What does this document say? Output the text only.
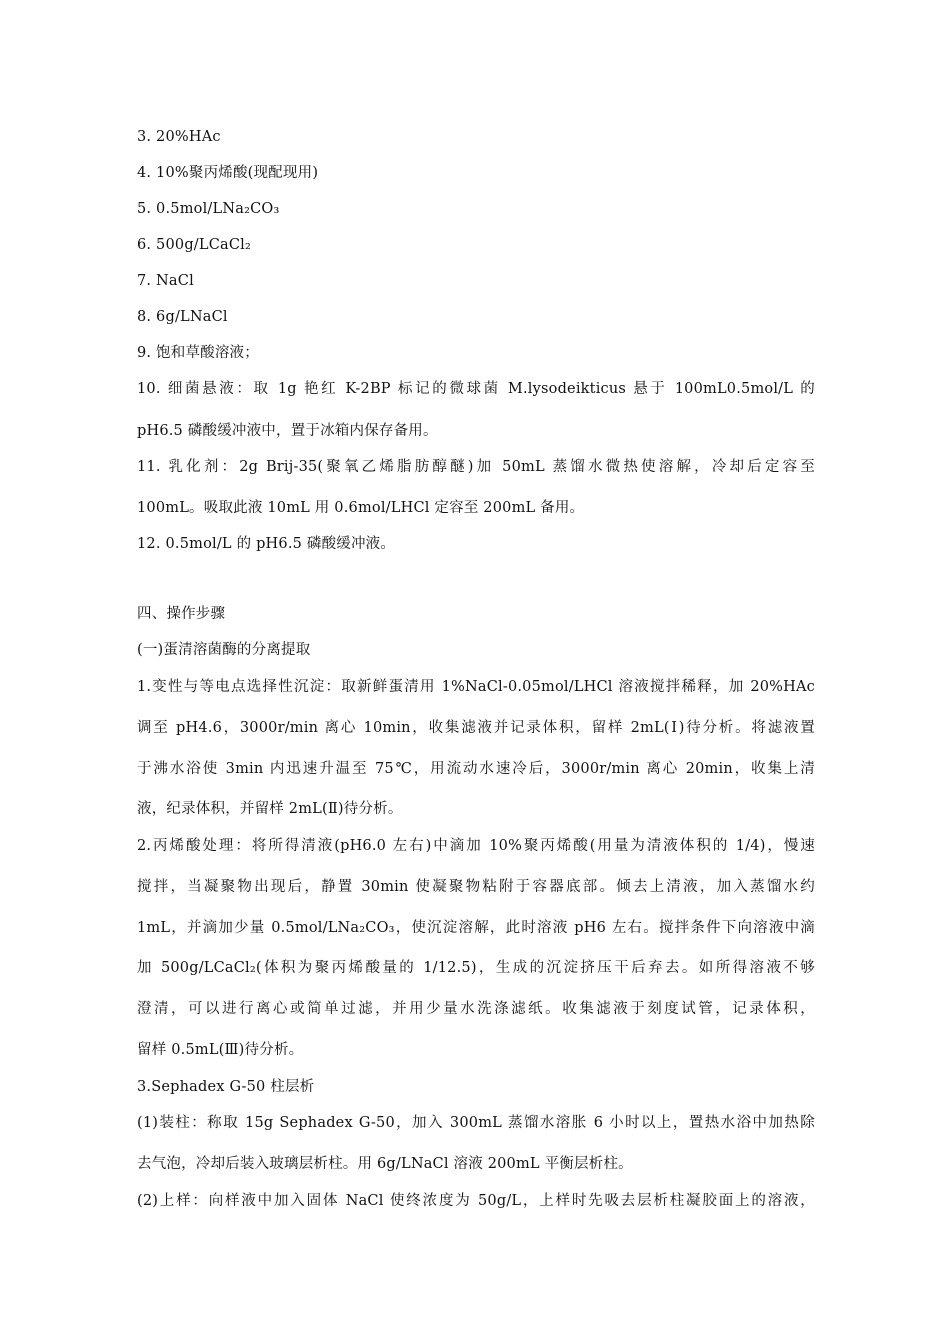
3. 20%HAc
4. 10%聚丙烯酸(现配现用)
5. 0.5mol/LNa₂CO₃
6. 500g/LCaCl₂
7. NaCl
8. 6g/LNaCl
9. 饱和草酸溶液；
10. 细菌悬液：取 1g 艳红 K-2BP 标记的微球菌 M.lysodeikticus 悬于 100mL0.5mol/L 的
pH6.5 磷酸缓冲液中，置于冰箱内保存备用。
11. 乳化剂：2g Brij-35(聚氧乙烯脂肪醇醚)加 50mL 蒸馏水微热使溶解，冷却后定容至
100mL。吸取此液 10mL 用 0.6mol/LHCl 定容至 200mL 备用。
12. 0.5mol/L 的 pH6.5 磷酸缓冲液。
四、操作步骤
(一)蛋清溶菌酶的分离提取
1.变性与等电点选择性沉淀：取新鲜蛋清用 1%NaCl-0.05mol/LHCl 溶液搅拌稀释，加 20%HAc
调至 pH4.6，3000r/min 离心 10min，收集滤液并记录体积，留样 2mL(Ⅰ)待分析。将滤液置
于沸水浴使 3min 内迅速升温至 75℃，用流动水速冷后，3000r/min 离心 20min，收集上清
液，纪录体积，并留样 2mL(Ⅱ)待分析。
2.丙烯酸处理：将所得清液(pH6.0 左右)中滴加 10%聚丙烯酸(用量为清液体积的 1/4)，慢速
搅拌，当凝聚物出现后，静置 30min 使凝聚物粘附于容器底部。倾去上清液，加入蒸馏水约
1mL，并滴加少量 0.5mol/LNa₂CO₃，使沉淀溶解，此时溶液 pH6 左右。搅拌条件下向溶液中滴
加 500g/LCaCl₂(体积为聚丙烯酸量的 1/12.5)，生成的沉淀挤压干后弃去。如所得溶液不够
澄清，可以进行离心或简单过滤，并用少量水洗涤滤纸。收集滤液于刻度试管，记录体积，
留样 0.5mL(Ⅲ)待分析。
3.Sephadex G-50 柱层析
(1)装柱：称取 15g Sephadex G-50，加入 300mL 蒸馏水溶胀 6 小时以上，置热水浴中加热除
去气泡，冷却后装入玻璃层析柱。用 6g/LNaCl 溶液 200mL 平衡层析柱。
(2)上样：向样液中加入固体 NaCl 使终浓度为 50g/L，上样时先吸去层析柱凝胶面上的溶液，
